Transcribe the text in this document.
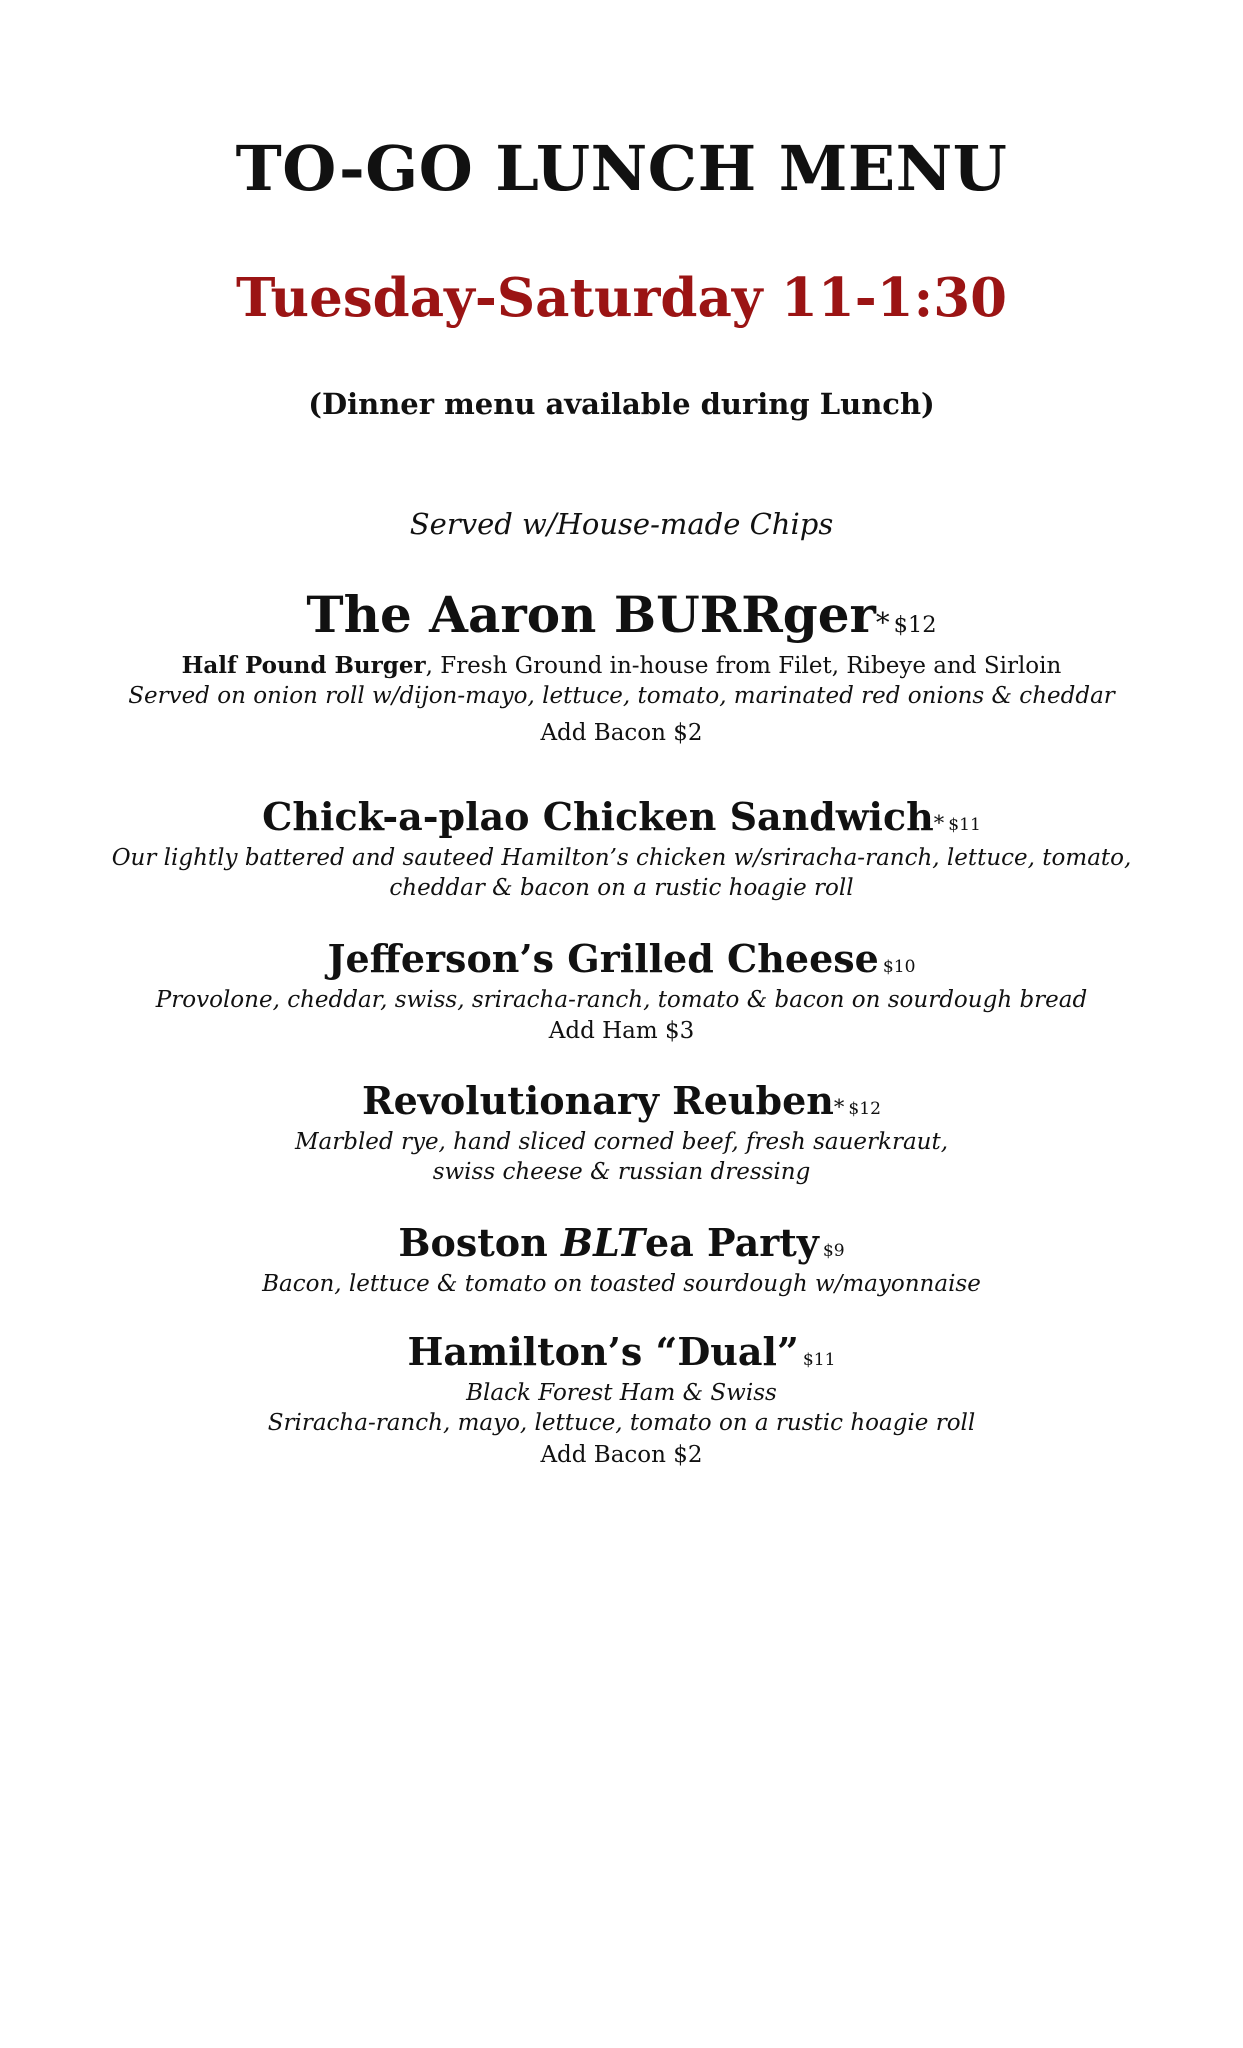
TO-GO LUNCH MENU
Tuesday-Saturday 11-1:30
(Dinner menu available during Lunch)
Served w/House-made Chips
The Aaron BURRger* $12
Half Pound Burger, Fresh Ground in-house from Filet, Ribeye and Sirloin
Served on onion roll w/dijon-mayo, lettuce, tomato, marinated red onions & cheddar
Add Bacon $2
Chick-a-plao Chicken Sandwich* $11
Our lightly battered and sauteed Hamilton’s chicken w/sriracha-ranch, lettuce, tomato,
cheddar & bacon on a rustic hoagie roll
Jefferson’s Grilled Cheese $10
Provolone, cheddar, swiss, sriracha-ranch, tomato & bacon on sourdough bread
Add Ham $3
Revolutionary Reuben* $12
Marbled rye, hand sliced corned beef, fresh sauerkraut,
swiss cheese & russian dressing
Boston BLTea Party $9
Bacon, lettuce & tomato on toasted sourdough w/mayonnaise
Hamilton’s “Dual” $11
Black Forest Ham & Swiss
Sriracha-ranch, mayo, lettuce, tomato on a rustic hoagie roll
Add Bacon $2
